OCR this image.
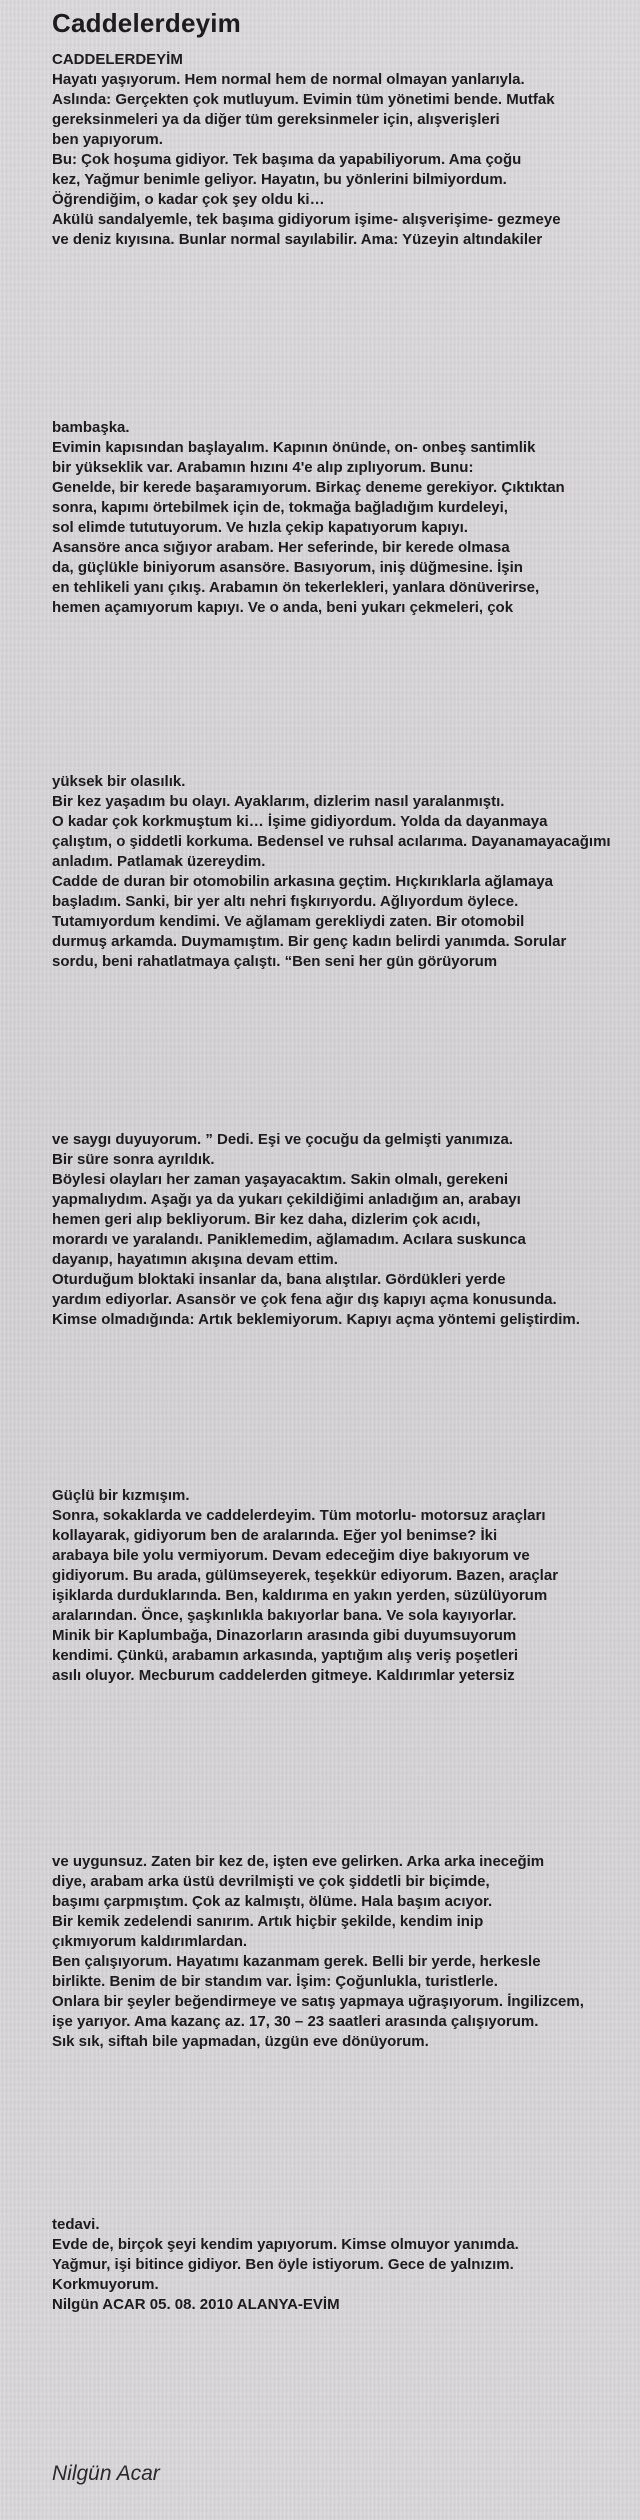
Caddelerdeyim
CADDELERDEYİM
Hayatı yaşıyorum. Hem normal hem de normal olmayan yanlarıyla.
Aslında: Gerçekten çok mutluyum. Evimin tüm yönetimi bende. Mutfak
gereksinmeleri ya da diğer tüm gereksinmeler için, alışverişleri
ben yapıyorum.
Bu: Çok hoşuma gidiyor. Tek başıma da yapabiliyorum. Ama çoğu
kez, Yağmur benimle geliyor. Hayatın, bu yönlerini bilmiyordum.
Öğrendiğim, o kadar çok şey oldu ki…
Akülü sandalyemle, tek başıma gidiyorum işime- alışverişime- gezmeye
ve deniz kıyısına. Bunlar normal sayılabilir. Ama: Yüzeyin altındakiler
bambaşka.
Evimin kapısından başlayalım. Kapının önünde, on- onbeş santimlik
bir yükseklik var. Arabamın hızını 4'e alıp zıplıyorum. Bunu:
Genelde, bir kerede başaramıyorum. Birkaç deneme gerekiyor. Çıktıktan
sonra, kapımı örtebilmek için de, tokmağa bağladığım kurdeleyi,
sol elimde tututuyorum. Ve hızla çekip kapatıyorum kapıyı.
Asansöre anca sığıyor arabam. Her seferinde, bir kerede olmasa
da, güçlükle biniyorum asansöre. Basıyorum, iniş düğmesine. İşin
en tehlikeli yanı çıkış. Arabamın ön tekerlekleri, yanlara dönüverirse,
hemen açamıyorum kapıyı. Ve o anda, beni yukarı çekmeleri, çok
yüksek bir olasılık.
Bir kez yaşadım bu olayı. Ayaklarım, dizlerim nasıl yaralanmıştı.
O kadar çok korkmuştum ki… İşime gidiyordum. Yolda da dayanmaya
çalıştım, o şiddetli korkuma. Bedensel ve ruhsal acılarıma. Dayanamayacağımı
anladım. Patlamak üzereydim.
Cadde de duran bir otomobilin arkasına geçtim. Hıçkırıklarla ağlamaya
başladım. Sanki, bir yer altı nehri fışkırıyordu. Ağlıyordum öylece.
Tutamıyordum kendimi. Ve ağlamam gerekliydi zaten. Bir otomobil
durmuş arkamda. Duymamıştım. Bir genç kadın belirdi yanımda. Sorular
sordu, beni rahatlatmaya çalıştı. “Ben seni her gün görüyorum
ve saygı duyuyorum. ” Dedi. Eşi ve çocuğu da gelmişti yanımıza.
Bir süre sonra ayrıldık.
Böylesi olayları her zaman yaşayacaktım. Sakin olmalı, gerekeni
yapmalıydım. Aşağı ya da yukarı çekildiğimi anladığım an, arabayı
hemen geri alıp bekliyorum. Bir kez daha, dizlerim çok acıdı,
morardı ve yaralandı. Paniklemedim, ağlamadım. Acılara suskunca
dayanıp, hayatımın akışına devam ettim.
Oturduğum bloktaki insanlar da, bana alıştılar. Gördükleri yerde
yardım ediyorlar. Asansör ve çok fena ağır dış kapıyı açma konusunda.
Kimse olmadığında: Artık beklemiyorum. Kapıyı açma yöntemi geliştirdim.
Güçlü bir kızmışım.
Sonra, sokaklarda ve caddelerdeyim. Tüm motorlu- motorsuz araçları
kollayarak, gidiyorum ben de aralarında. Eğer yol benimse? İki
arabaya bile yolu vermiyorum. Devam edeceğim diye bakıyorum ve
gidiyorum. Bu arada, gülümseyerek, teşekkür ediyorum. Bazen, araçlar
işiklarda durduklarında. Ben, kaldırıma en yakın yerden, süzülüyorum
aralarından. Önce, şaşkınlıkla bakıyorlar bana. Ve sola kayıyorlar.
Minik bir Kaplumbağa, Dinazorların arasında gibi duyumsuyorum
kendimi. Çünkü, arabamın arkasında, yaptığım alış veriş poşetleri
asılı oluyor. Mecburum caddelerden gitmeye. Kaldırımlar yetersiz
ve uygunsuz. Zaten bir kez de, işten eve gelirken. Arka arka ineceğim
diye, arabam arka üstü devrilmişti ve çok şiddetli bir biçimde,
başımı çarpmıştım. Çok az kalmıştı, ölüme. Hala başım acıyor.
Bir kemik zedelendi sanırım. Artık hiçbir şekilde, kendim inip
çıkmıyorum kaldırımlardan.
Ben çalışıyorum. Hayatımı kazanmam gerek. Belli bir yerde, herkesle
birlikte. Benim de bir standım var. İşim: Çoğunlukla, turistlerle.
Onlara bir şeyler beğendirmeye ve satış yapmaya uğraşıyorum. İngilizcem,
işe yarıyor. Ama kazanç az. 17, 30 – 23 saatleri arasında çalışıyorum.
Sık sık, siftah bile yapmadan, üzgün eve dönüyorum.
tedavi.
Evde de, birçok şeyi kendim yapıyorum. Kimse olmuyor yanımda.
Yağmur, işi bitince gidiyor. Ben öyle istiyorum. Gece de yalnızım.
Korkmuyorum.
Nilgün ACAR 05. 08. 2010 ALANYA-EVİM
Nilgün Acar
